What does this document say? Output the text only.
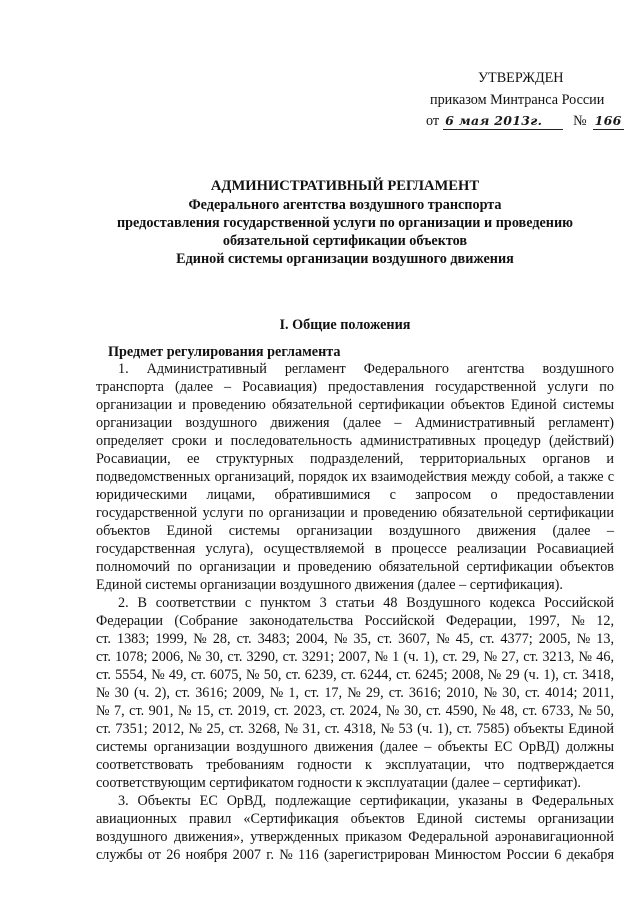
УТВЕРЖДЕН
приказом Минтранса России
от 6 мая 2013г.	№ 166
АДМИНИСТРАТИВНЫЙ РЕГЛАМЕНТ
Федерального агентства воздушного транспорта
предоставления государственной услуги по организации и проведению
обязательной сертификации объектов
Единой системы организации воздушного движения
I. Общие положения
Предмет регулирования регламента
1. Административный регламент Федерального агентства воздушного
транспорта (далее – Росавиация) предоставления государственной услуги по
организации и проведению обязательной сертификации объектов Единой системы
организации воздушного движения (далее – Административный регламент)
определяет сроки и последовательность административных процедур (действий)
Росавиации, ее структурных подразделений, территориальных органов и
подведомственных организаций, порядок их взаимодействия между собой, а также с
юридическими лицами, обратившимися с запросом о предоставлении
государственной услуги по организации и проведению обязательной сертификации
объектов Единой системы организации воздушного движения (далее –
государственная услуга), осуществляемой в процессе реализации Росавиацией
полномочий по организации и проведению обязательной сертификации объектов
Единой системы организации воздушного движения (далее – сертификация).
2. В соответствии с пунктом 3 статьи 48 Воздушного кодекса Российской
Федерации (Собрание законодательства Российской Федерации, 1997, № 12,
ст. 1383; 1999, № 28, ст. 3483; 2004, № 35, ст. 3607, № 45, ст. 4377; 2005, № 13,
ст. 1078; 2006, № 30, ст. 3290, ст. 3291; 2007, № 1 (ч. 1), ст. 29, № 27, ст. 3213, № 46,
ст. 5554, № 49, ст. 6075, № 50, ст. 6239, ст. 6244, ст. 6245; 2008, № 29 (ч. 1), ст. 3418,
№ 30 (ч. 2), ст. 3616; 2009, № 1, ст. 17, № 29, ст. 3616; 2010, № 30, ст. 4014; 2011,
№ 7, ст. 901, № 15, ст. 2019, ст. 2023, ст. 2024, № 30, ст. 4590, № 48, ст. 6733, № 50,
ст. 7351; 2012, № 25, ст. 3268, № 31, ст. 4318, № 53 (ч. 1), ст. 7585) объекты Единой
системы организации воздушного движения (далее – объекты ЕС ОрВД) должны
соответствовать требованиям годности к эксплуатации, что подтверждается
соответствующим сертификатом годности к эксплуатации (далее – сертификат).
3. Объекты ЕС ОрВД, подлежащие сертификации, указаны в Федеральных
авиационных правил «Сертификация объектов Единой системы организации
воздушного движения», утвержденных приказом Федеральной аэронавигационной
службы от 26 ноября 2007 г. № 116 (зарегистрирован Минюстом России 6 декабря
